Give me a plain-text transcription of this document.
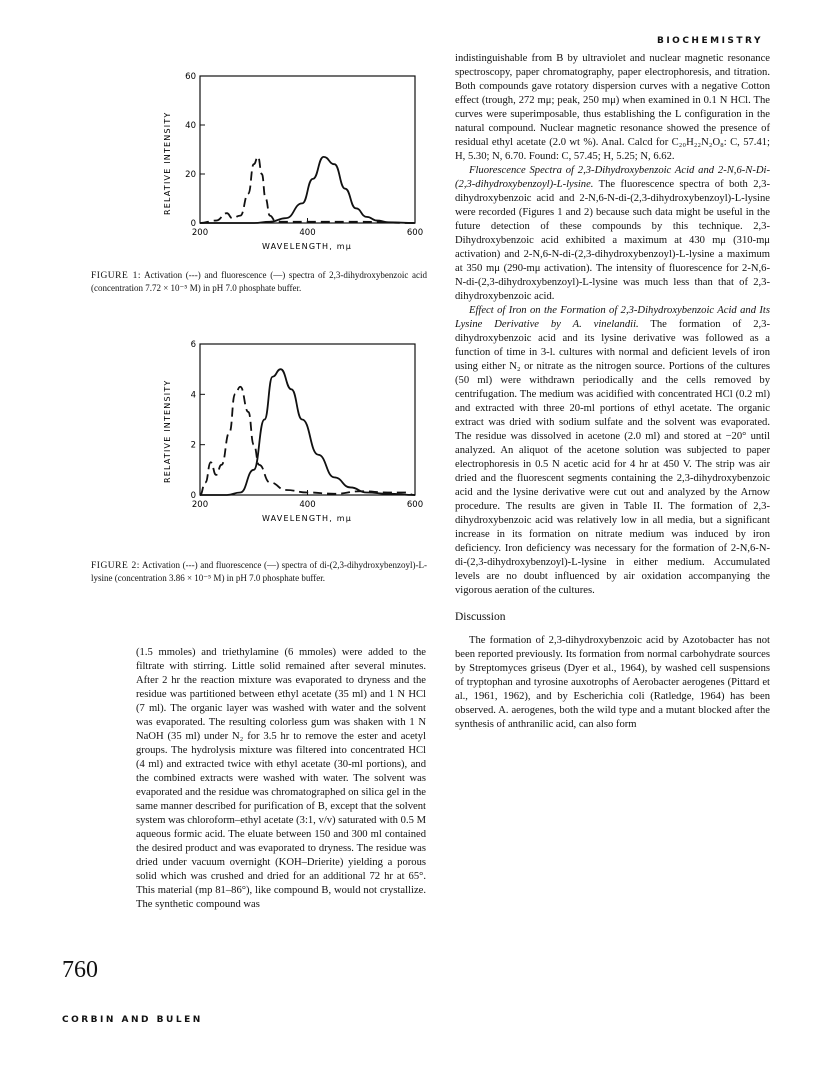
BIOCHEMISTRY
RELATIVE INTENSITY
0
20
40
60
200	400	600
WAVELENGTH, mμ
FIGURE 1: Activation (---) and fluorescence (—) spectra of 2,3-dihydroxybenzoic acid (concentration 7.72 × 10⁻⁵ M) in pH 7.0 phosphate buffer.
RELATIVE INTENSITY
0
2
4
6
200	400	600
WAVELENGTH, mμ
FIGURE 2: Activation (---) and fluorescence (—) spectra of di-(2,3-dihydroxybenzoyl)-L-lysine (concentration 3.86 × 10⁻⁵ M) in pH 7.0 phosphate buffer.

(1.5 mmoles) and triethylamine (6 mmoles) were added to the filtrate with stirring. Little solid remained after several minutes. After 2 hr the reaction mixture was evaporated to dryness and the residue was partitioned between ethyl acetate (35 ml) and 1 N HCl (7 ml). The organic layer was washed with water and the solvent was evaporated. The resulting colorless gum was shaken with 1 N NaOH (35 ml) under N₂ for 3.5 hr to remove the ester and acetyl groups. The hydrolysis mixture was filtered into concentrated HCl (4 ml) and extracted twice with ethyl acetate (30-ml portions), and the combined extracts were washed with water. The solvent was evaporated and the residue was chromatographed on silica gel in the same manner described for purification of B, except that the solvent system was chloroform–ethyl acetate (3:1, v/v) saturated with 0.5 M aqueous formic acid. The eluate between 150 and 300 ml contained the desired product and was evaporated to dryness. The residue was dried under vacuum overnight (KOH–Drierite) yielding a porous solid which was crushed and dried for an additional 72 hr at 65°. This material (mp 81–86°), like compound B, would not crystallize. The synthetic compound was

760

indistinguishable from B by ultraviolet and nuclear magnetic resonance spectroscopy, paper chromatography, paper electrophoresis, and titration. Both compounds gave rotatory dispersion curves with a negative Cotton effect (trough, 272 mμ; peak, 250 mμ) when examined in 0.1 N HCl. The curves were superimposable, thus establishing the L configuration in the natural compound. Nuclear magnetic resonance showed the presence of residual ethyl acetate (2.0 wt %). Anal. Calcd for C₂₀H₂₂N₂O₈: C, 57.41; H, 5.30; N, 6.70. Found: C, 57.45; H, 5.25; N, 6.62.

Fluorescence Spectra of 2,3-Dihydroxybenzoic Acid and 2-N,6-N-Di-(2,3-dihydroxybenzoyl)-L-lysine. The fluorescence spectra of both 2,3-dihydroxybenzoic acid and 2-N,6-N-di-(2,3-dihydroxybenzoyl)-L-lysine were recorded (Figures 1 and 2) because such data might be useful in the future detection of these compounds by this technique. 2,3-Dihydroxybenzoic acid exhibited a maximum at 430 mμ (310-mμ activation) and 2-N,6-N-di-(2,3-dihydroxybenzoyl)-L-lysine a maximum at 350 mμ (290-mμ activation). The intensity of fluorescence for 2-N,6-N-di-(2,3-dihydroxybenzoyl)-L-lysine was much less than that of 2,3-dihydroxybenzoic acid.

Effect of Iron on the Formation of 2,3-Dihydroxybenzoic Acid and Its Lysine Derivative by A. vinelandii. The formation of 2,3-dihydroxybenzoic acid and its lysine derivative was followed as a function of time in 3-l. cultures with normal and deficient levels of iron using either N₂ or nitrate as the nitrogen source. Portions of the cultures (50 ml) were withdrawn periodically and the cells removed by centrifugation. The medium was acidified with concentrated HCl (0.2 ml) and extracted with three 20-ml portions of ethyl acetate. The organic extract was dried with sodium sulfate and the solvent was evaporated. The residue was dissolved in acetone (2.0 ml) and stored at −20° until analyzed. An aliquot of the acetone solution was subjected to paper electrophoresis in 0.5 N acetic acid for 4 hr at 450 V. The strip was air dried and the fluorescent segments containing the 2,3-dihydroxybenzoic acid and the lysine derivative were cut out and analyzed by the Arnow procedure. The results are given in Table II. The formation of 2,3-dihydroxybenzoic acid was relatively low in all media, but a significant increase in its formation on nitrate medium was induced by iron deficiency. Iron deficiency was necessary for the formation of 2-N,6-N-di-(2,3-dihydroxybenzoyl)-L-lysine in either medium. Accumulated levels are no doubt influenced by air oxidation accompanying the vigorous aeration of the cultures.

Discussion

The formation of 2,3-dihydroxybenzoic acid by Azotobacter has not been reported previously. Its formation from normal carbohydrate sources by Streptomyces griseus (Dyer et al., 1964), by washed cell suspensions of tryptophan and tyrosine auxotrophs of Aerobacter aerogenes (Pittard et al., 1961, 1962), and by Escherichia coli (Ratledge, 1964) has been observed. A. aerogenes, both the wild type and a mutant blocked after the synthesis of anthranilic acid, can also form

CORBIN AND BULEN
